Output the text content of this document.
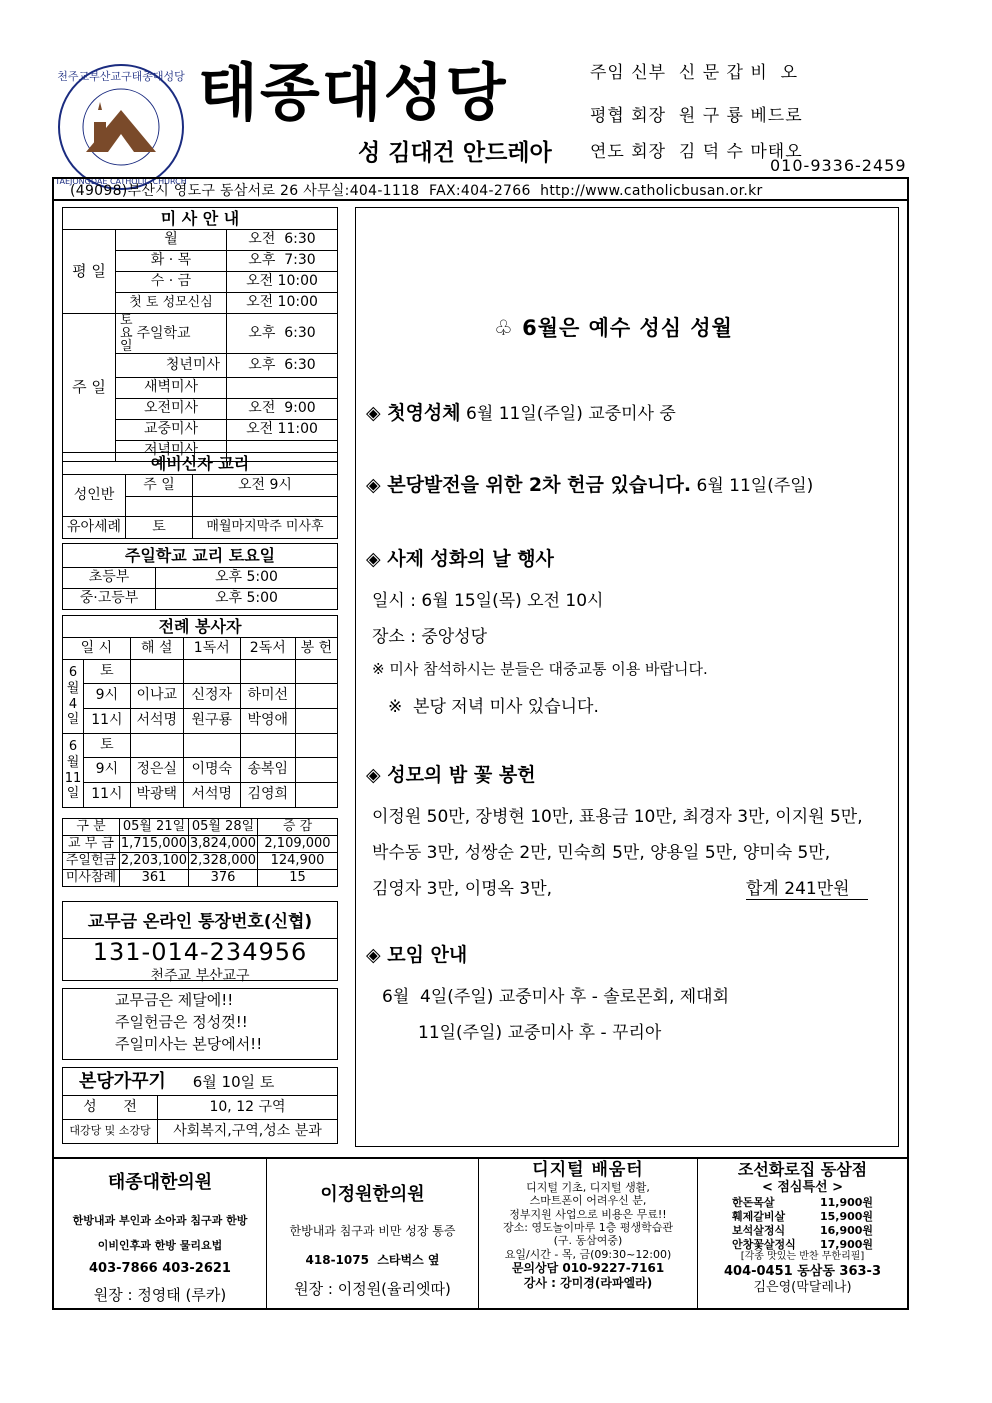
천주교부산교구태종대성당
TAEJONGDAE CATHOLIC CHURCH
태종대성당
성 김대건 안드레아
주임 신부  신 문 갑 비  오
평협 회장  원 구 룡 베드로
연도 회장  김 덕 수 마태오
010-9336-2459
(49098)부산시 영도구 동삼서로 26 사무실:404-1118  FAX:404-2766  http://www.catholicbusan.or.kr
미 사 안 내		
평 일	월	오전  6:30
	화 · 목	오후  7:30
	수 · 금	오전 10:00
	첫 토 성모신심	오전 10:00
주 일	토요일 주일학교	오후  6:30
	청년미사	오후  6:30
	새벽미사	
	오전미사	오전  9:00
	교중미사	오전 11:00
	저녁미사	
예비신자 교리		
성인반	주 일	오전 9시

유아세례	토	매월마지막주 미사후
주일학교 교리 토요일	
초등부	오후 5:00
중·고등부	오후 5:00
전례 봉사자					
일 시		해 설	1독서	2독서	봉 헌
6월4일	토				
	9시	이나교	신정자	하미선	
	11시	서석명	원구룡	박영애	
6월11일	토				
	9시	정은실	이명숙	송복임	
	11시	박광택	서석명	김영희	
구 분	05월 21일	05월 28일	증 감
교 무 금	1,715,000	3,824,000	2,109,000
주일헌금	2,203,100	2,328,000	124,900
미사참례	361	376	15
교무금 온라인 통장번호(신협)
131-014-234956
천주교 부산교구
교무금은 제달에!!
주일헌금은 정성껏!!
주일미사는 본당에서!!
본당가꾸기 6월 10일 토	
성      전	10, 12 구역
대강당 및 소강당	사회복지,구역,성소 분과
♧ 6월은 예수 성심 성월
◈ 첫영성체 6월 11일(주일) 교중미사 중
◈ 본당발전을 위한 2차 헌금 있습니다. 6월 11일(주일)
◈ 사제 성화의 날 행사
일시 : 6월 15일(목) 오전 10시
장소 : 중앙성당
※ 미사 참석하시는 분들은 대중교통 이용 바랍니다.
※  본당 저녁 미사 있습니다.
◈ 성모의 밤 꽃 봉헌
이정원 50만, 장병현 10만, 표용금 10만, 최경자 3만, 이지원 5만,
박수동 3만, 성쌍순 2만, 민숙희 5만, 양용일 5만, 양미숙 5만,
김영자 3만, 이명옥 3만,	합계 241만원
◈ 모임 안내
6월  4일(주일) 교중미사 후 - 솔로몬회, 제대회
11일(주일) 교중미사 후 - 꾸리아
태종대한의원
한방내과 부인과 소아과 침구과 한방
이비인후과 한방 물리요법
403-7866 403-2621
원장 : 정영태 (루카)
이정원한의원
한방내과 침구과 비만 성장 통증
418-1075  스타벅스 옆
원장 : 이정원(율리엣따)
디지털 배움터
디지털 기초, 디지털 생활,
스마트폰이 어려우신 분,
정부지원 사업으로 비용은 무료!!
장소: 영도놀이마루 1층 평생학습관
(구. 동삼여중)
요일/시간 - 목, 금(09:30~12:00)
문의상담 010-9227-7161
강사 : 강미경(라파엘라)
조선화로집 동삼점
< 점심특선 >
한돈목살	11,900원
훼제갈비살	15,900원
보석살정식	16,900원
안창꽃살정식 17,900원
[각종 맛있는 반찬 무한리필]
404-0451 동삼동 363-3
김은영(막달레나)
